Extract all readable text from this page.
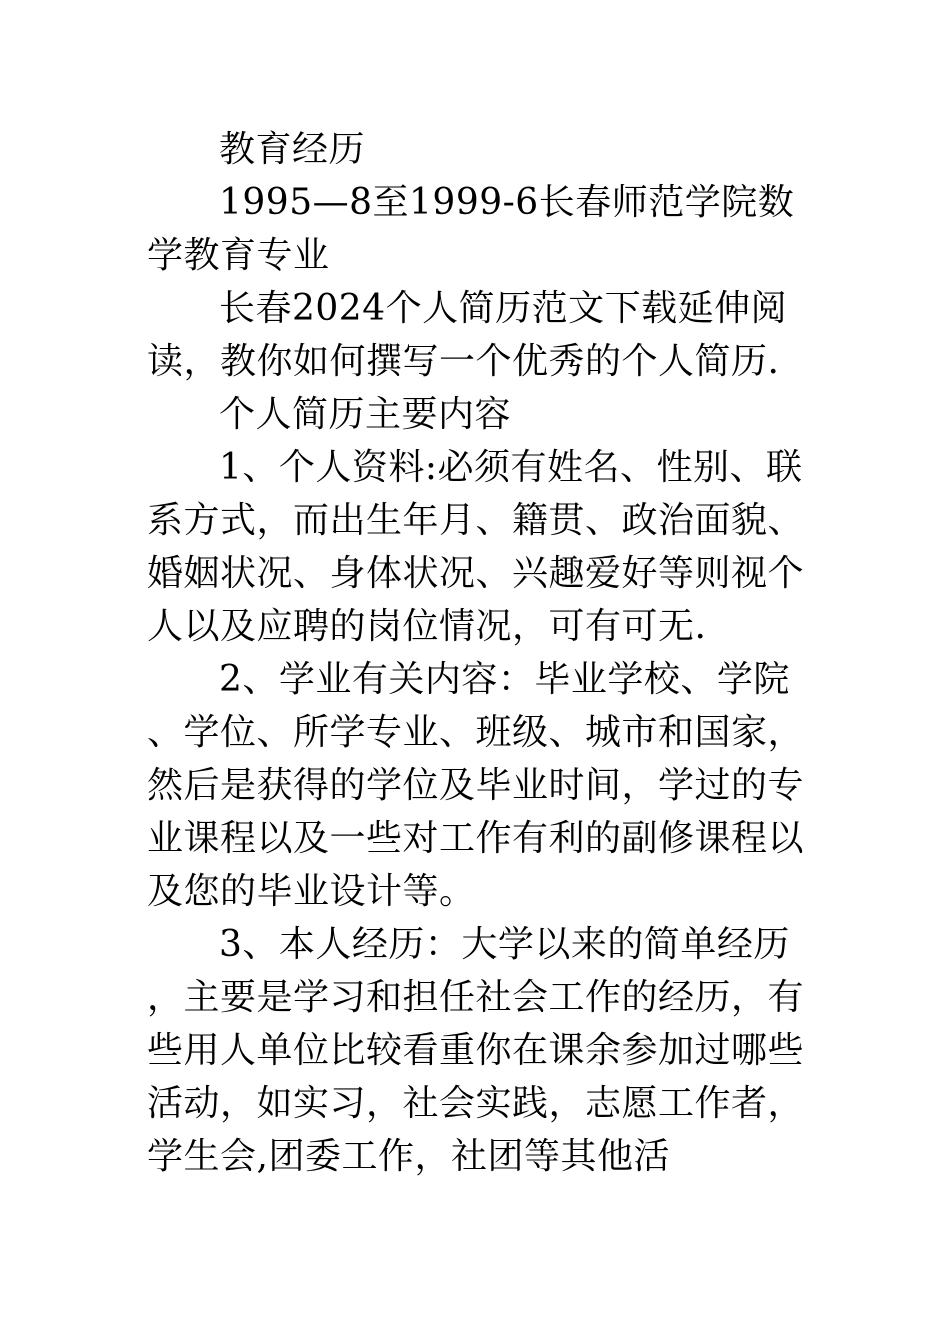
教育经历

1995—8至1999-6长春师范学院数学教育专业

长春2024个人简历范文下载延伸阅读，教你如何撰写一个优秀的个人简历.

个人简历主要内容

1、个人资料:必须有姓名、性别、联系方式，而出生年月、籍贯、政治面貌、婚姻状况、身体状况、兴趣爱好等则视个人以及应聘的岗位情况，可有可无.

2、学业有关内容：毕业学校、学院、学位、所学专业、班级、城市和国家，然后是获得的学位及毕业时间，学过的专业课程以及一些对工作有利的副修课程以及您的毕业设计等。

3、本人经历：大学以来的简单经历，主要是学习和担任社会工作的经历，有些用人单位比较看重你在课余参加过哪些活动，如实习，社会实践，志愿工作者，学生会,团委工作，社团等其他活
